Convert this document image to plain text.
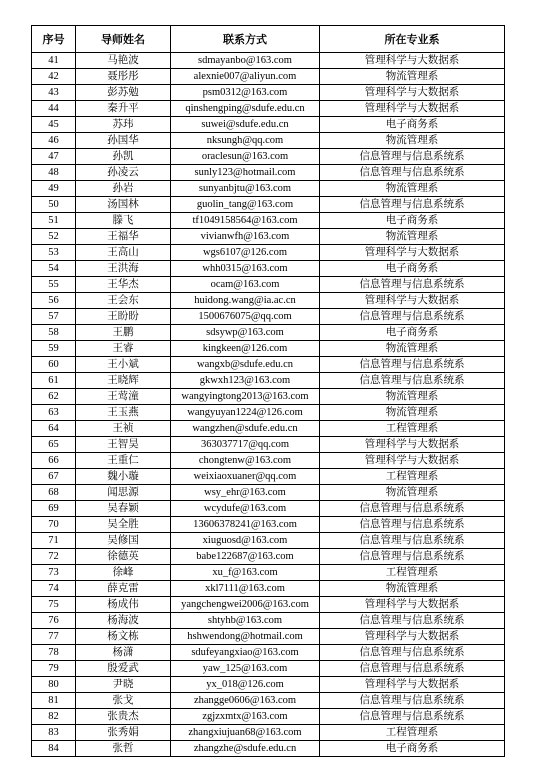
序号	导师姓名	联系方式	所在专业系
41	马艳波	sdmayanbo@163.com	管理科学与大数据系
42	聂彤彤	alexnie007@aliyun.com	物流管理系
43	彭苏勉	psm0312@163.com	管理科学与大数据系
44	秦升平	qinshengping@sdufe.edu.cn	管理科学与大数据系
45	苏玮	suwei@sdufe.edu.cn	电子商务系
46	孙国华	nksungh@qq.com	物流管理系
47	孙凯	oraclesun@163.com	信息管理与信息系统系
48	孙凌云	sunly123@hotmail.com	信息管理与信息系统系
49	孙岩	sunyanbjtu@163.com	物流管理系
50	汤国林	guolin_tang@163.com	信息管理与信息系统系
51	滕飞	tf1049158564@163.com	电子商务系
52	王福华	vivianwfh@163.com	物流管理系
53	王高山	wgs6107@126.com	管理科学与大数据系
54	王洪海	whh0315@163.com	电子商务系
55	王华杰	ocam@163.com	信息管理与信息系统系
56	王会东	huidong.wang@ia.ac.cn	管理科学与大数据系
57	王盼盼	1500676075@qq.com	信息管理与信息系统系
58	王鹏	sdsywp@163.com	电子商务系
59	王睿	kingkeen@126.com	物流管理系
60	王小斌	wangxb@sdufe.edu.cn	信息管理与信息系统系
61	王晓辉	gkwxh123@163.com	信息管理与信息系统系
62	王莺潼	wangyingtong2013@163.com	物流管理系
63	王玉燕	wangyuyan1224@126.com	物流管理系
64	王祯	wangzhen@sdufe.edu.cn	工程管理系
65	王智昊	363037717@qq.com	管理科学与大数据系
66	王重仁	chongtenw@163.com	管理科学与大数据系
67	魏小璇	weixiaoxuaner@qq.com	工程管理系
68	闻思源	wsy_ehr@163.com	物流管理系
69	吴春颖	wcydufe@163.com	信息管理与信息系统系
70	吴全胜	13606378241@163.com	信息管理与信息系统系
71	吴修国	xiuguosd@163.com	信息管理与信息系统系
72	徐德英	babe122687@163.com	信息管理与信息系统系
73	徐峰	xu_f@163.com	工程管理系
74	薛克雷	xkl7111@163.com	物流管理系
75	杨成伟	yangchengwei2006@163.com	管理科学与大数据系
76	杨海波	shtyhb@163.com	信息管理与信息系统系
77	杨文栋	hshwendong@hotmail.com	管理科学与大数据系
78	杨潇	sdufeyangxiao@163.com	信息管理与信息系统系
79	殷爱武	yaw_125@163.com	信息管理与信息系统系
80	尹晓	yx_018@126.com	管理科学与大数据系
81	张戈	zhangge0606@163.com	信息管理与信息系统系
82	张贵杰	zgjzxmtx@163.com	信息管理与信息系统系
83	张秀娟	zhangxiujuan68@163.com	工程管理系
84	张哲	zhangzhe@sdufe.edu.cn	电子商务系
